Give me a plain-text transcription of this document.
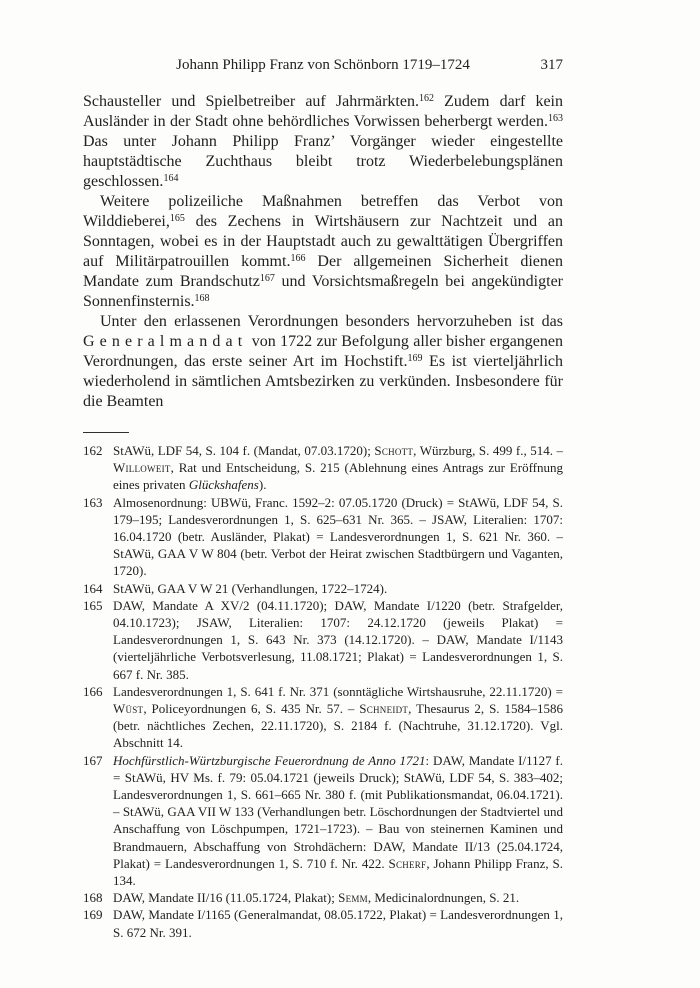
Johann Philipp Franz von Schönborn 1719–1724	317

Schausteller und Spielbetreiber auf Jahrmärkten.$^{162}$ Zudem darf kein Ausländer in der Stadt ohne behördliches Vorwissen beherbergt werden.$^{163}$ Das unter Johann Philipp Franz’ Vorgänger wieder eingestellte hauptstädtische Zuchthaus bleibt trotz Wiederbelebungsplänen geschlossen.$^{164}$

Weitere polizeiliche Maßnahmen betreffen das Verbot von Wilddieberei,$^{165}$ des Zechens in Wirtshäusern zur Nachtzeit und an Sonntagen, wobei es in der Hauptstadt auch zu gewalttätigen Übergriffen auf Militärpatrouillen kommt.$^{166}$ Der allgemeinen Sicherheit dienen Mandate zum Brandschutz$^{167}$ und Vorsichtsmaßregeln bei angekündigter Sonnenfinsternis.$^{168}$

Unter den erlassenen Verordnungen besonders hervorzuheben ist das Generalmandat von 1722 zur Befolgung aller bisher ergangenen Verordnungen, das erste seiner Art im Hochstift.$^{169}$ Es ist vierteljährlich wiederholend in sämtlichen Amtsbezirken zu verkünden. Insbesondere für die Beamten

162 StAWü, LDF 54, S. 104 f. (Mandat, 07.03.1720); Schott, Würzburg, S. 499 f., 514. – Willoweit, Rat und Entscheidung, S. 215 (Ablehnung eines Antrags zur Eröffnung eines privaten Glückshafens).
163 Almosenordnung: UBWü, Franc. 1592–2: 07.05.1720 (Druck) = StAWü, LDF 54, S. 179–195; Landesverordnungen 1, S. 625–631 Nr. 365. – JSAW, Literalien: 1707: 16.04.1720 (betr. Ausländer, Plakat) = Landesverordnungen 1, S. 621 Nr. 360. – StAWü, GAA V W 804 (betr. Verbot der Heirat zwischen Stadtbürgern und Vaganten, 1720).
164 StAWü, GAA V W 21 (Verhandlungen, 1722–1724).
165 DAW, Mandate A XV/2 (04.11.1720); DAW, Mandate I/1220 (betr. Strafgelder, 04.10.1723); JSAW, Literalien: 1707: 24.12.1720 (jeweils Plakat) = Landesverordnungen 1, S. 643 Nr. 373 (14.12.1720). – DAW, Mandate I/1143 (vierteljährliche Verbotsverlesung, 11.08.1721; Plakat) = Landesverordnungen 1, S. 667 f. Nr. 385.
166 Landesverordnungen 1, S. 641 f. Nr. 371 (sonntägliche Wirtshausruhe, 22.11.1720) = Wüst, Policeyordnungen 6, S. 435 Nr. 57. – Schneidt, Thesaurus 2, S. 1584–1586 (betr. nächtliches Zechen, 22.11.1720), S. 2184 f. (Nachtruhe, 31.12.1720). Vgl. Abschnitt 14.
167 Hochfürstlich-Würtzburgische Feuerordnung de Anno 1721: DAW, Mandate I/1127 f. = StAWü, HV Ms. f. 79: 05.04.1721 (jeweils Druck); StAWü, LDF 54, S. 383–402; Landesverordnungen 1, S. 661–665 Nr. 380 f. (mit Publikationsmandat, 06.04.1721). – StAWü, GAA VII W 133 (Verhandlungen betr. Löschordnungen der Stadtviertel und Anschaffung von Löschpumpen, 1721–1723). – Bau von steinernen Kaminen und Brandmauern, Abschaffung von Strohdächern: DAW, Mandate II/13 (25.04.1724, Plakat) = Landesverordnungen 1, S. 710 f. Nr. 422. Scherf, Johann Philipp Franz, S. 134.
168 DAW, Mandate II/16 (11.05.1724, Plakat); Semm, Medicinalordnungen, S. 21.
169 DAW, Mandate I/1165 (Generalmandat, 08.05.1722, Plakat) = Landesverordnungen 1, S. 672 Nr. 391.
